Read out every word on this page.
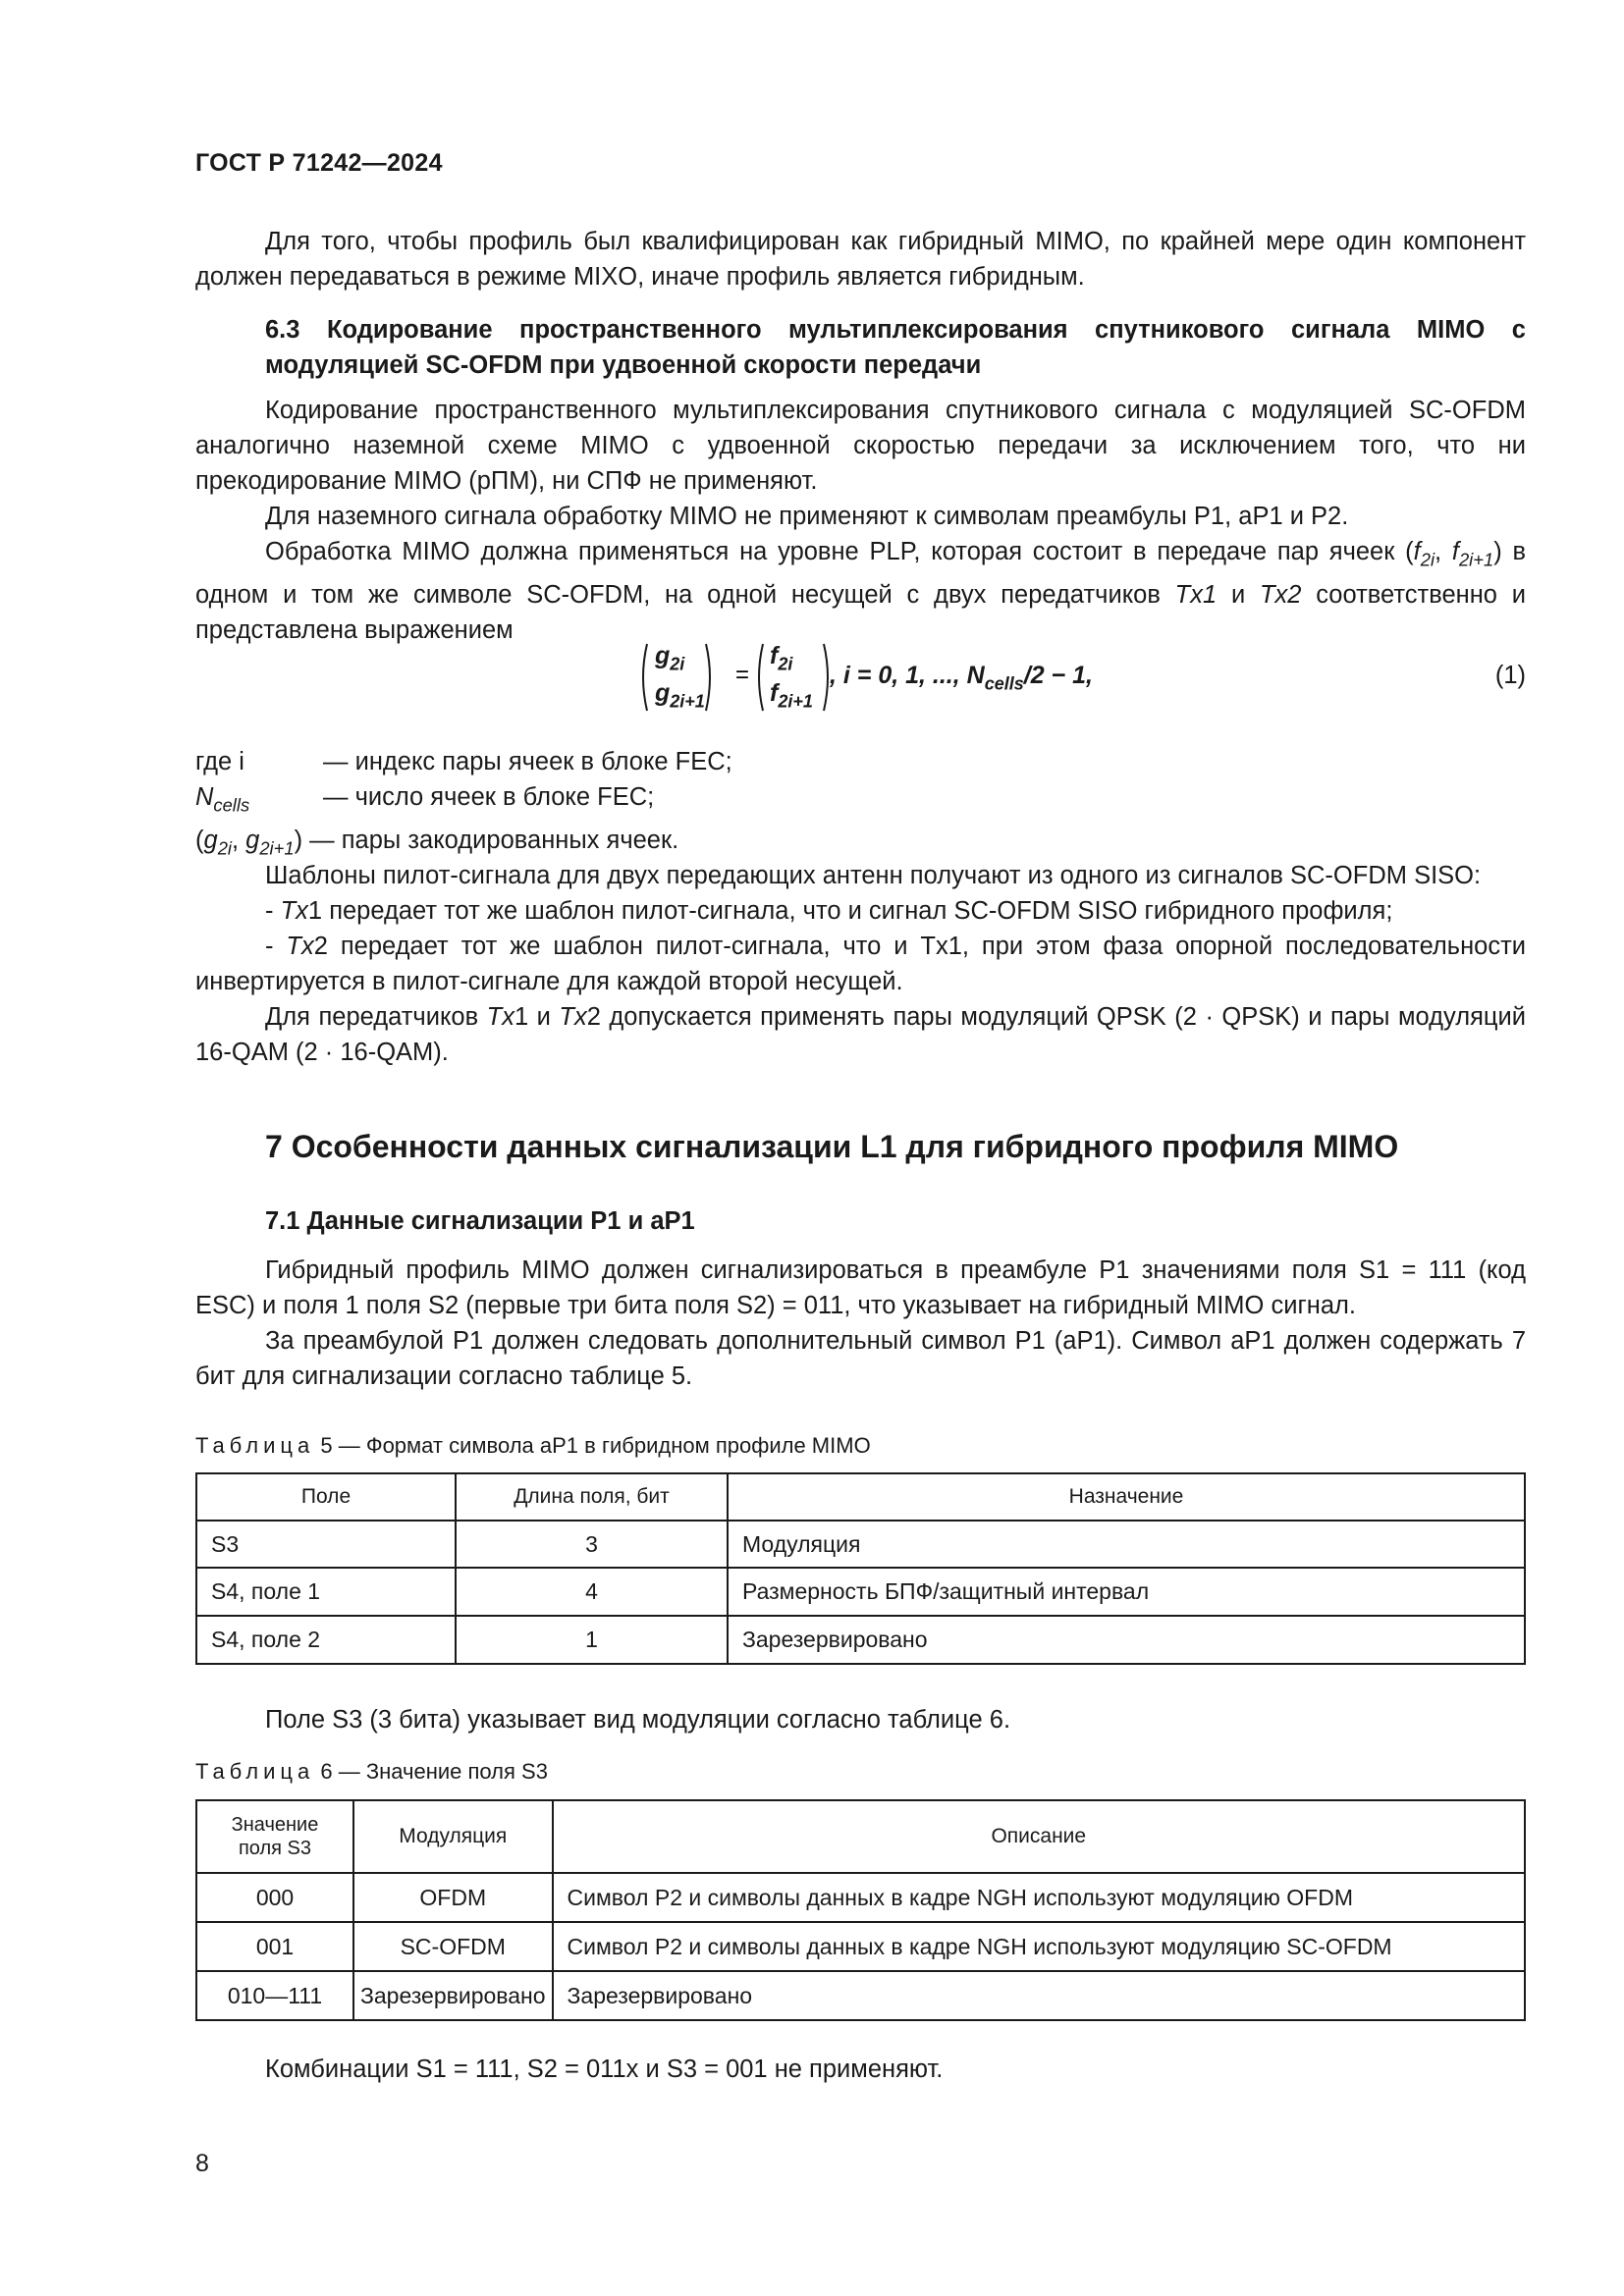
ГОСТ Р 71242—2024

Для того, чтобы профиль был квалифицирован как гибридный MIMO, по крайней мере один компонент должен передаваться в режиме MIXO, иначе профиль является гибридным.

6.3 Кодирование пространственного мультиплексирования спутникового сигнала MIMO с модуляцией SC-OFDM при удвоенной скорости передачи

Кодирование пространственного мультиплексирования спутникового сигнала с модуляцией SC-OFDM аналогично наземной схеме MIMO с удвоенной скоростью передачи за исключением того, что ни прекодирование MIMO (рПМ), ни СПФ не применяют.

Для наземного сигнала обработку MIMO не применяют к символам преамбулы P1, aP1 и P2.

Обработка MIMO должна применяться на уровне PLP, которая состоит в передаче пар ячеек ($f_{2i}$, $f_{2i+1}$) в одном и том же символе SC-OFDM, на одной несущей с двух передатчиков Tx1 и Tx2 соответственно и представлена выражением

=
$g_{2i}$
$g_{2i+1}$
$f_{2i}$
$f_{2i+1}$
, i = 0, 1, ..., $N_{cells}/2 - 1$,	(1)
где i	— индекс пары ячеек в блоке FEC;
$N_{cells}$	— число ячеек в блоке FEC;
($g_{2i}$, $g_{2i+1}$) — пары закодированных ячеек.

Шаблоны пилот-сигнала для двух передающих антенн получают из одного из сигналов SC-OFDM SISO:

- Tx1 передает тот же шаблон пилот-сигнала, что и сигнал SC-OFDM SISO гибридного профиля;

- Tx2 передает тот же шаблон пилот-сигнала, что и Tx1, при этом фаза опорной последовательности инвертируется в пилот-сигнале для каждой второй несущей.

Для передатчиков Tx1 и Tx2 допускается применять пары модуляций QPSK (2 · QPSK) и пары модуляций 16-QAM (2 · 16-QAM).

7 Особенности данных сигнализации L1 для гибридного профиля MIMO

7.1 Данные сигнализации P1 и aP1

Гибридный профиль MIMO должен сигнализироваться в преамбуле P1 значениями поля S1 = 111 (код ESC) и поля 1 поля S2 (первые три бита поля S2) = 011, что указывает на гибридный MIMO сигнал.

За преамбулой P1 должен следовать дополнительный символ P1 (aP1). Символ aP1 должен содержать 7 бит для сигнализации согласно таблице 5.

Таблица 5 — Формат символа aP1 в гибридном профиле MIMO
Поле	Длина поля, бит	Назначение
S3	3	Модуляция
S4, поле 1	4	Размерность БПФ/защитный интервал
S4, поле 2	1	Зарезервировано

Поле S3 (3 бита) указывает вид модуляции согласно таблице 6.

Таблица 6 — Значение поля S3
Значение поля S3	Модуляция	Описание
000	OFDM	Символ P2 и символы данных в кадре NGH используют модуляцию OFDM
001	SC-OFDM	Символ P2 и символы данных в кадре NGH используют модуляцию SC-OFDM
010—111	Зарезервировано	Зарезервировано

Комбинации S1 = 111, S2 = 011x и S3 = 001 не применяют.

8
